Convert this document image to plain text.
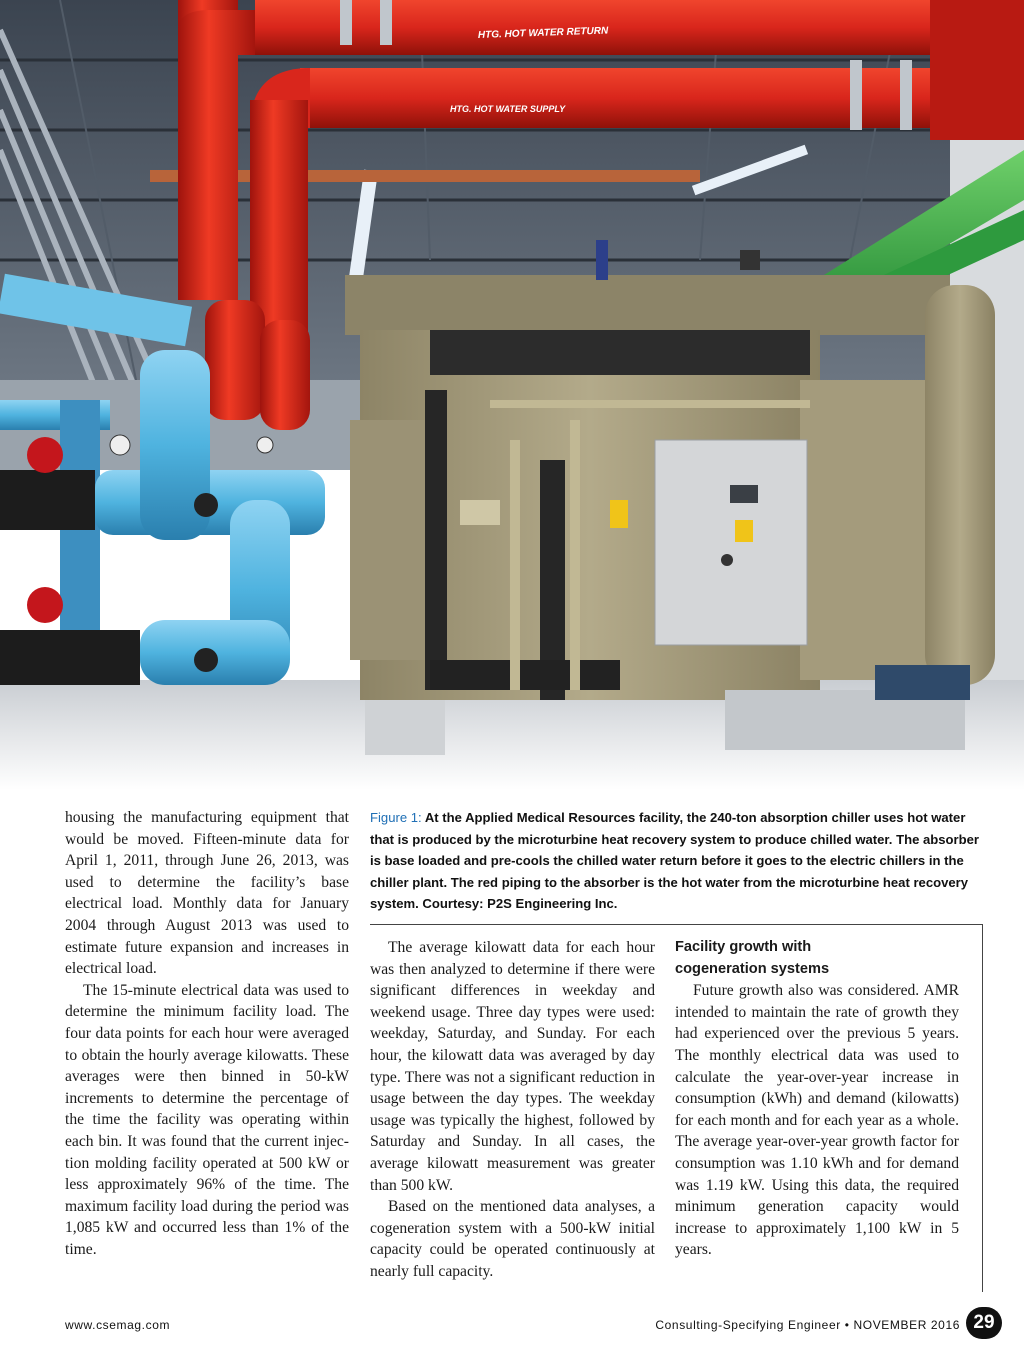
HTG. HOT WATER RETURN
HTG. HOT WATER SUPPLY

housing the manufacturing equipment that would be moved. Fifteen-minute data for April 1, 2011, through June 26, 2013, was used to determine the facility’s base electrical load. Monthly data for January 2004 through August 2013 was used to estimate future expansion and increases in electrical load.

The 15-minute electrical data was used to determine the minimum facility load. The four data points for each hour were averaged to obtain the hourly average kilowatts. These averages were then binned in 50-kW increments to determine the percentage of the time the facility was operating within each bin. It was found that the current injection molding facility operated at 500 kW or less approximately 96% of the time. The maximum facility load during the period was 1,085 kW and occurred less than 1% of the time.

Figure 1: At the Applied Medical Resources facility, the 240-ton absorption chiller uses hot water that is produced by the microturbine heat recovery system to produce chilled water. The absorber is base loaded and pre-cools the chilled water return before it goes to the electric chillers in the chiller plant. The red piping to the absorber is the hot water from the microturbine heat recovery system. Courtesy: P2S Engineering Inc.

The average kilowatt data for each hour was then analyzed to determine if there were significant differences in weekday and weekend usage. Three day types were used: weekday, Saturday, and Sunday. For each hour, the kilowatt data was averaged by day type. There was not a significant reduction in usage between the day types. The weekday usage was typically the highest, followed by Saturday and Sunday. In all cases, the average kilowatt measurement was greater than 500 kW.

Based on the mentioned data analyses, a cogeneration system with a 500-kW initial capacity could be operated continuously at nearly full capacity.

Facility growth with
cogeneration systems

Future growth also was considered. AMR intended to maintain the rate of growth they had experienced over the previous 5 years. The monthly electrical data was used to calculate the year-over-year increase in consumption (kWh) and demand (kilowatts) for each month and for each year as a whole. The average year-over-year growth factor for consumption was 1.10 kWh and for demand was 1.19 kW. Using this data, the required minimum generation capacity would increase to approximately 1,100 kW in 5 years.

www.csemag.com	Consulting-Specifying Engineer • NOVEMBER 2016 29
